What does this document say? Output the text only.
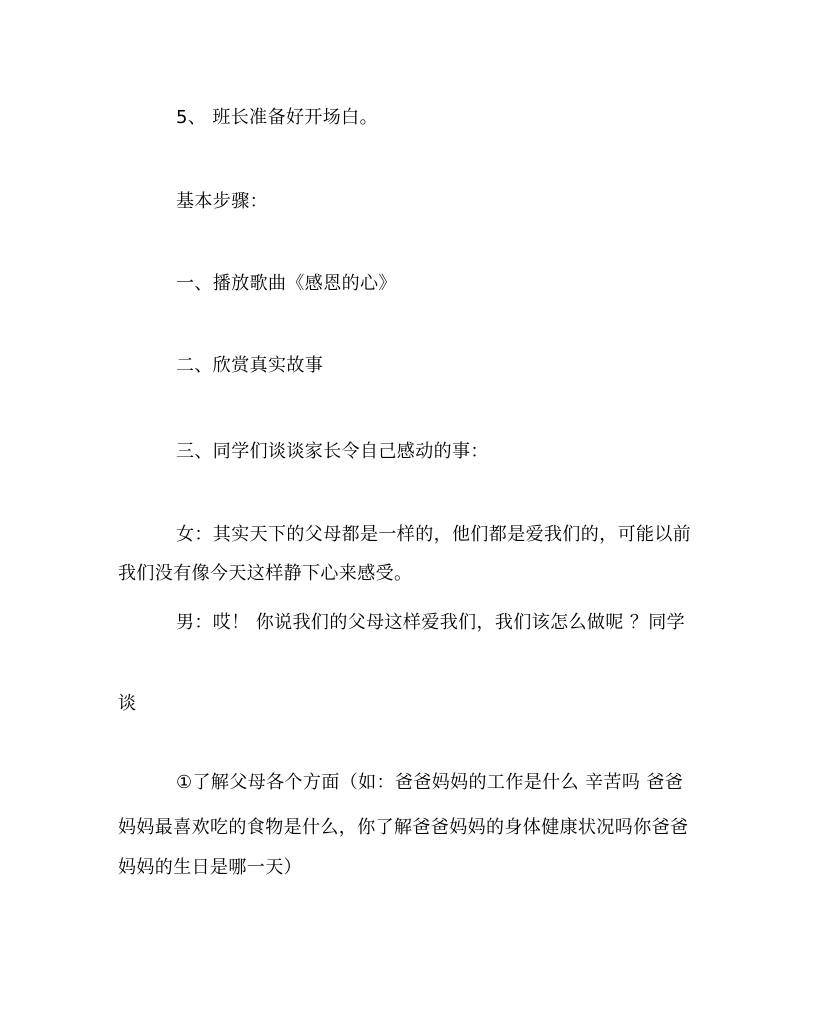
5、 班长准备好开场白。
基本步骤：
一、播放歌曲《感恩的心》
二、欣赏真实故事
三、同学们谈谈家长令自己感动的事：
女：其实天下的父母都是一样的，他们都是爱我们的，可能以前
我们没有像今天这样静下心来感受。
男：哎！ 你说我们的父母这样爱我们，我们该怎么做呢 ？同学
谈
①了解父母各个方面（如：爸爸妈妈的工作是什么 辛苦吗 爸爸
妈妈最喜欢吃的食物是什么，你了解爸爸妈妈的身体健康状况吗你爸爸
妈妈的生日是哪一天）
